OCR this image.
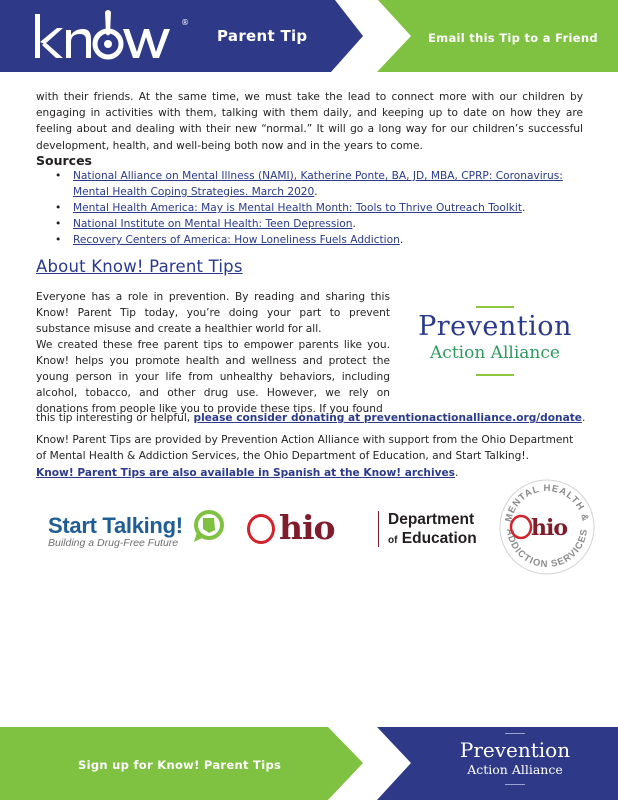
®
Parent Tip	Email this Tip to a Friend

with their friends. At the same time, we must take the lead to connect more with our children by engaging in activities with them, talking with them daily, and keeping up to date on how they are feeling about and dealing with their new “normal.” It will go a long way for our children’s successful development, health, and well-being both now and in the years to come.

Sources
• National Alliance on Mental Illness (NAMI), Katherine Ponte, BA, JD, MBA, CPRP: Coronavirus: Mental Health Coping Strategies. March 2020.
• Mental Health America: May is Mental Health Month: Tools to Thrive Outreach Toolkit.
• National Institute on Mental Health: Teen Depression.
• Recovery Centers of America: How Loneliness Fuels Addiction.
About Know! Parent Tips

Everyone has a role in prevention. By reading and sharing this Know! Parent Tip today, you’re doing your part to prevent substance misuse and create a healthier world for all.

We created these free parent tips to empower parents like you. Know! helps you promote health and wellness and protect the young person in your life from unhealthy behaviors, including alcohol, tobacco, and other drug use. However, we rely on donations from people like you to provide these tips. If you found

this tip interesting or helpful, please consider donating at preventionactionalliance.org/donate.

Know! Parent Tips are provided by Prevention Action Alliance with support from the Ohio Department of Mental Health & Addiction Services, the Ohio Department of Education, and Start Talking!.

Know! Parent Tips are also available in Spanish at the Know! archives.

Prevention
Action Alliance
Start Talking!
Building a Drug-Free Future	hio	Department
of Education
MENTAL HEALTH &
ADDICTION SERVICES
hio
Sign up for Know! Parent Tips
Prevention
Action Alliance
